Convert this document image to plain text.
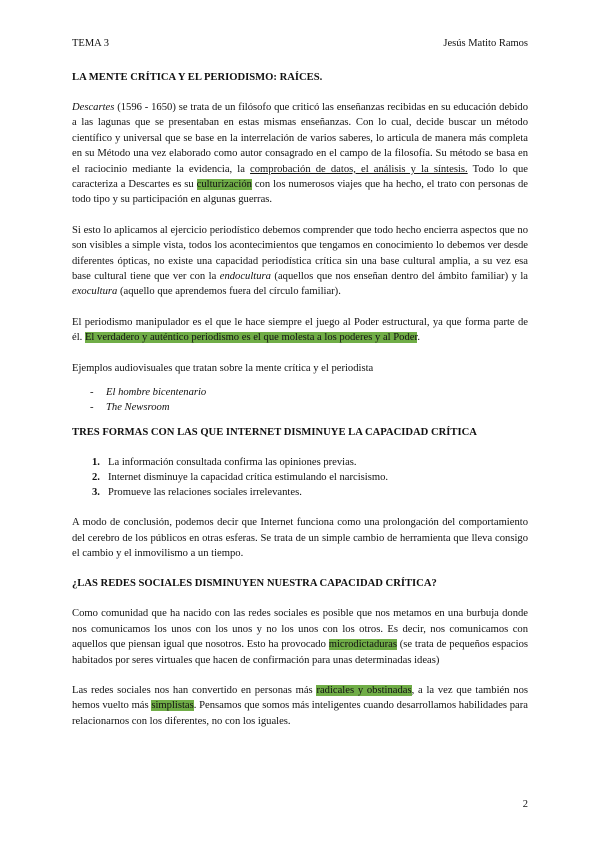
TEMA 3	Jesús Matito Ramos
LA MENTE CRÍTICA Y EL PERIODISMO: RAÍCES.

Descartes (1596 - 1650) se trata de un filósofo que criticó las enseñanzas recibidas en su educación debido a las lagunas que se presentaban en estas mismas enseñanzas. Con lo cual, decide buscar un método científico y universal que se base en la interrelación de varios saberes, lo articula de manera más completa en su Método una vez elaborado como autor consagrado en el campo de la filosofía. Su método se basa en el raciocinio mediante la evidencia, la comprobación de datos, el análisis y la síntesis. Todo lo que caracteriza a Descartes es su culturización con los numerosos viajes que ha hecho, el trato con personas de todo tipo y su participación en algunas guerras.

Si esto lo aplicamos al ejercicio periodístico debemos comprender que todo hecho encierra aspectos que no son visibles a simple vista, todos los acontecimientos que tengamos en conocimiento lo debemos ver desde diferentes ópticas, no existe una capacidad periodística crítica sin una base cultural amplia, a su vez esa base cultural tiene que ver con la endocultura (aquellos que nos enseñan dentro del ámbito familiar) y la exocultura (aquello que aprendemos fuera del círculo familiar).

El periodismo manipulador es el que le hace siempre el juego al Poder estructural, ya que forma parte de él. El verdadero y auténtico periodismo es el que molesta a los poderes y al Poder.

Ejemplos audiovisuales que tratan sobre la mente crítica y el periodista

- El hombre bicentenario
- The Newsroom
TRES FORMAS CON LAS QUE INTERNET DISMINUYE LA CAPACIDAD CRÍTICA
1. La información consultada confirma las opiniones previas.
2. Internet disminuye la capacidad crítica estimulando el narcisismo.
3. Promueve las relaciones sociales irrelevantes.

A modo de conclusión, podemos decir que Internet funciona como una prolongación del comportamiento del cerebro de los públicos en otras esferas. Se trata de un simple cambio de herramienta que lleva consigo el cambio y el inmovilismo a un tiempo.

¿LAS REDES SOCIALES DISMINUYEN NUESTRA CAPACIDAD CRÍTICA?

Como comunidad que ha nacido con las redes sociales es posible que nos metamos en una burbuja donde nos comunicamos los unos con los unos y no los unos con los otros. Es decir, nos comunicamos con aquellos que piensan igual que nosotros. Esto ha provocado microdictaduras (se trata de pequeños espacios habitados por seres virtuales que hacen de confirmación para unas determinadas ideas)

Las redes sociales nos han convertido en personas más radicales y obstinadas, a la vez que también nos hemos vuelto más simplistas. Pensamos que somos más inteligentes cuando desarrollamos habilidades para relacionarnos con los diferentes, no con los iguales.

2
